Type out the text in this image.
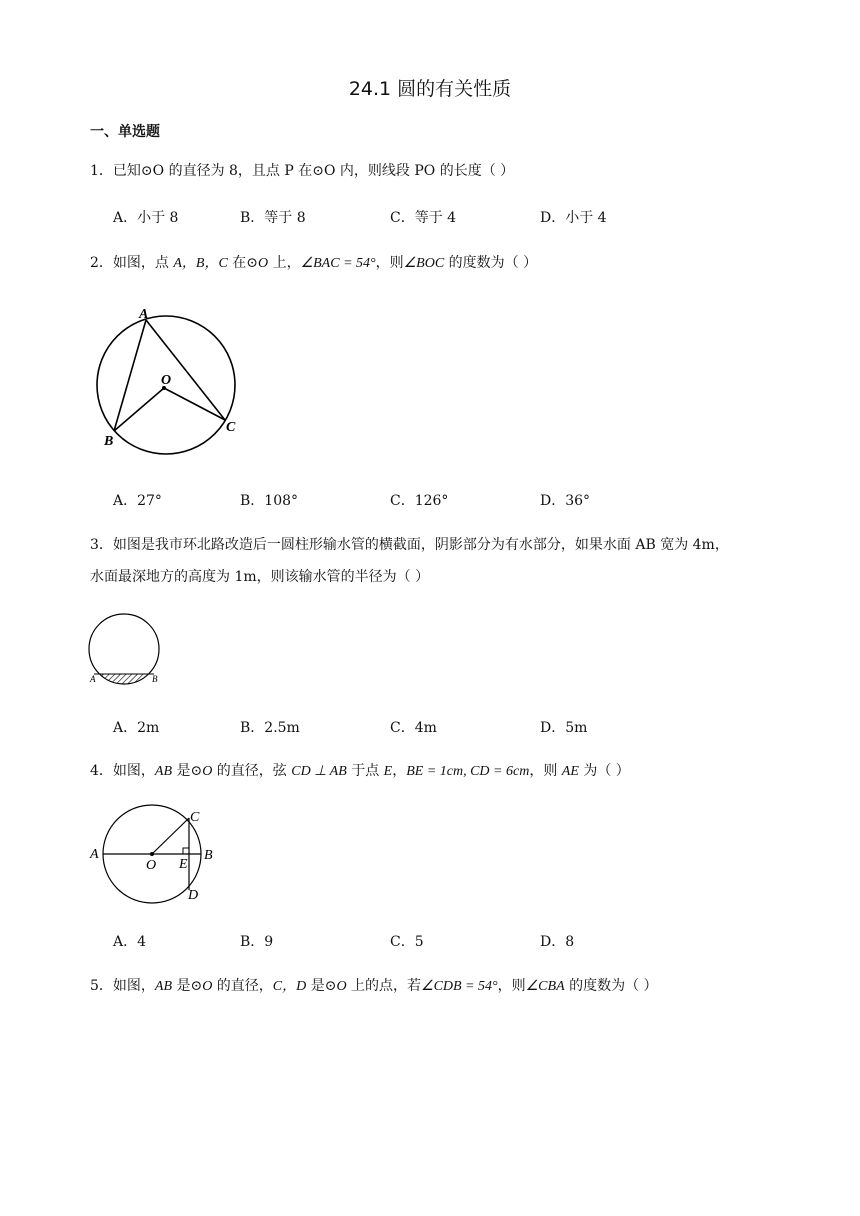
24.1 圆的有关性质
一、单选题
1．已知⊙O 的直径为 8，且点 P 在⊙O 内，则线段 PO 的长度（ ）
A．小于 8	B．等于 8	C．等于 4	D．小于 4
2．如图，点 A，B，C 在⊙O 上，∠BAC = 54°，则∠BOC 的度数为（ ）
A
B
C
O
A．27°	B．108°	C．126°	D．36°
3．如图是我市环北路改造后一圆柱形输水管的横截面，阴影部分为有水部分，如果水面 AB 宽为 4m，
水面最深地方的高度为 1m，则该输水管的半径为（ ）
A	B
A．2m	B．2.5m	C．4m	D．5m
4．如图，AB 是⊙O 的直径，弦 CD ⊥ AB 于点 E，BE = 1cm, CD = 6cm，则 AE 为（ ）
A	B
C
D
E
O
A．4	B．9	C．5	D．8
5．如图，AB 是⊙O 的直径，C，D 是⊙O 上的点，若∠CDB = 54°，则∠CBA 的度数为（ ）
